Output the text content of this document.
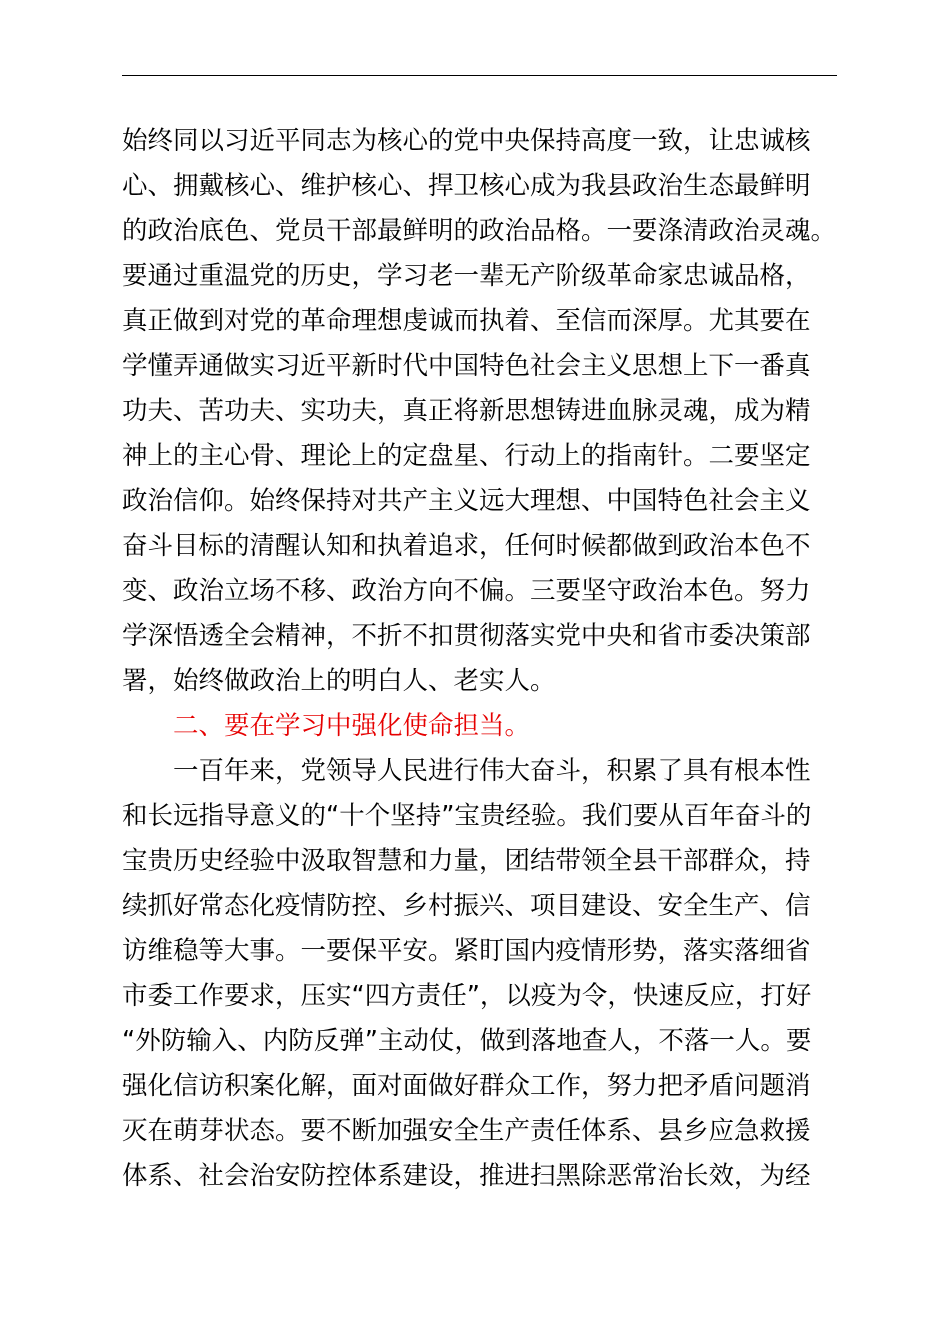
始终同以习近平同志为核心的党中央保持高度一致，让忠诚核
心、拥戴核心、维护核心、捍卫核心成为我县政治生态最鲜明
的政治底色、党员干部最鲜明的政治品格。一要涤清政治灵魂。
要通过重温党的历史，学习老一辈无产阶级革命家忠诚品格，
真正做到对党的革命理想虔诚而执着、至信而深厚。尤其要在
学懂弄通做实习近平新时代中国特色社会主义思想上下一番真
功夫、苦功夫、实功夫，真正将新思想铸进血脉灵魂，成为精
神上的主心骨、理论上的定盘星、行动上的指南针。二要坚定
政治信仰。始终保持对共产主义远大理想、中国特色社会主义
奋斗目标的清醒认知和执着追求，任何时候都做到政治本色不
变、政治立场不移、政治方向不偏。三要坚守政治本色。努力
学深悟透全会精神，不折不扣贯彻落实党中央和省市委决策部
署，始终做政治上的明白人、老实人。
二、要在学习中强化使命担当。
一百年来，党领导人民进行伟大奋斗，积累了具有根本性
和长远指导意义的“十个坚持”宝贵经验。我们要从百年奋斗的
宝贵历史经验中汲取智慧和力量，团结带领全县干部群众，持
续抓好常态化疫情防控、乡村振兴、项目建设、安全生产、信
访维稳等大事。一要保平安。紧盯国内疫情形势，落实落细省
市委工作要求，压实“四方责任”，以疫为令，快速反应，打好
“外防输入、内防反弹”主动仗，做到落地查人，不落一人。要
强化信访积案化解，面对面做好群众工作，努力把矛盾问题消
灭在萌芽状态。要不断加强安全生产责任体系、县乡应急救援
体系、社会治安防控体系建设，推进扫黑除恶常治长效，为经
